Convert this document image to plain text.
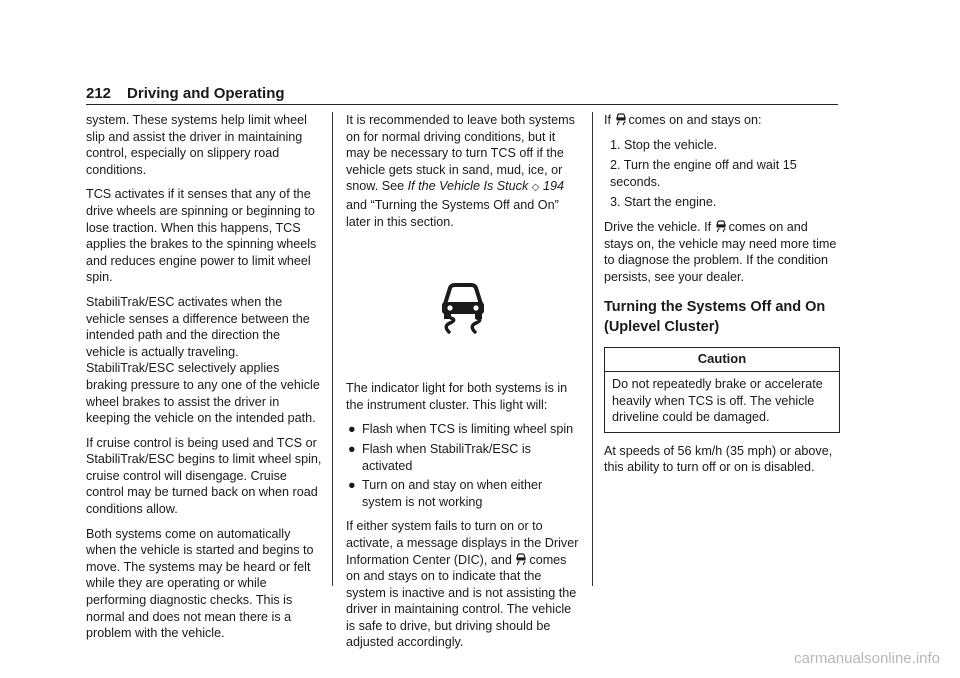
212 Driving and Operating

system. These systems help limit wheel slip and assist the driver in maintaining control, especially on slippery road conditions.

TCS activates if it senses that any of the drive wheels are spinning or beginning to lose traction. When this happens, TCS applies the brakes to the spinning wheels and reduces engine power to limit wheel spin.

StabiliTrak/ESC activates when the vehicle senses a difference between the intended path and the direction the vehicle is actually traveling. StabiliTrak/ESC selectively applies braking pressure to any one of the vehicle wheel brakes to assist the driver in keeping the vehicle on the intended path.

If cruise control is being used and TCS or StabiliTrak/ESC begins to limit wheel spin, cruise control will disengage. Cruise control may be turned back on when road conditions allow.

Both systems come on automatically when the vehicle is started and begins to move. The systems may be heard or felt while they are operating or while performing diagnostic checks. This is normal and does not mean there is a problem with the vehicle.

It is recommended to leave both systems on for normal driving conditions, but it may be necessary to turn TCS off if the vehicle gets stuck in sand, mud, ice, or snow. See If the Vehicle Is Stuck ◇ 194 and “Turning the Systems Off and On” later in this section.

The indicator light for both systems is in the instrument cluster. This light will:

● Flash when TCS is limiting wheel spin
● Flash when StabiliTrak/ESC is activated
● Turn on and stay on when either system is not working

If either system fails to turn on or to activate, a message displays in the Driver Information Center (DIC), and comes on and stays on to indicate that the system is inactive and is not assisting the driver in maintaining control. The vehicle is safe to drive, but driving should be adjusted accordingly.

If comes on and stays on:

1. Stop the vehicle.
2. Turn the engine off and wait 15 seconds.
3. Start the engine.

Drive the vehicle. If comes on and stays on, the vehicle may need more time to diagnose the problem. If the condition persists, see your dealer.

Turning the Systems Off and On (Uplevel Cluster)
Caution
Do not repeatedly brake or accelerate heavily when TCS is off. The vehicle driveline could be damaged.

At speeds of 56 km/h (35 mph) or above, this ability to turn off or on is disabled.

carmanualsonline.info
